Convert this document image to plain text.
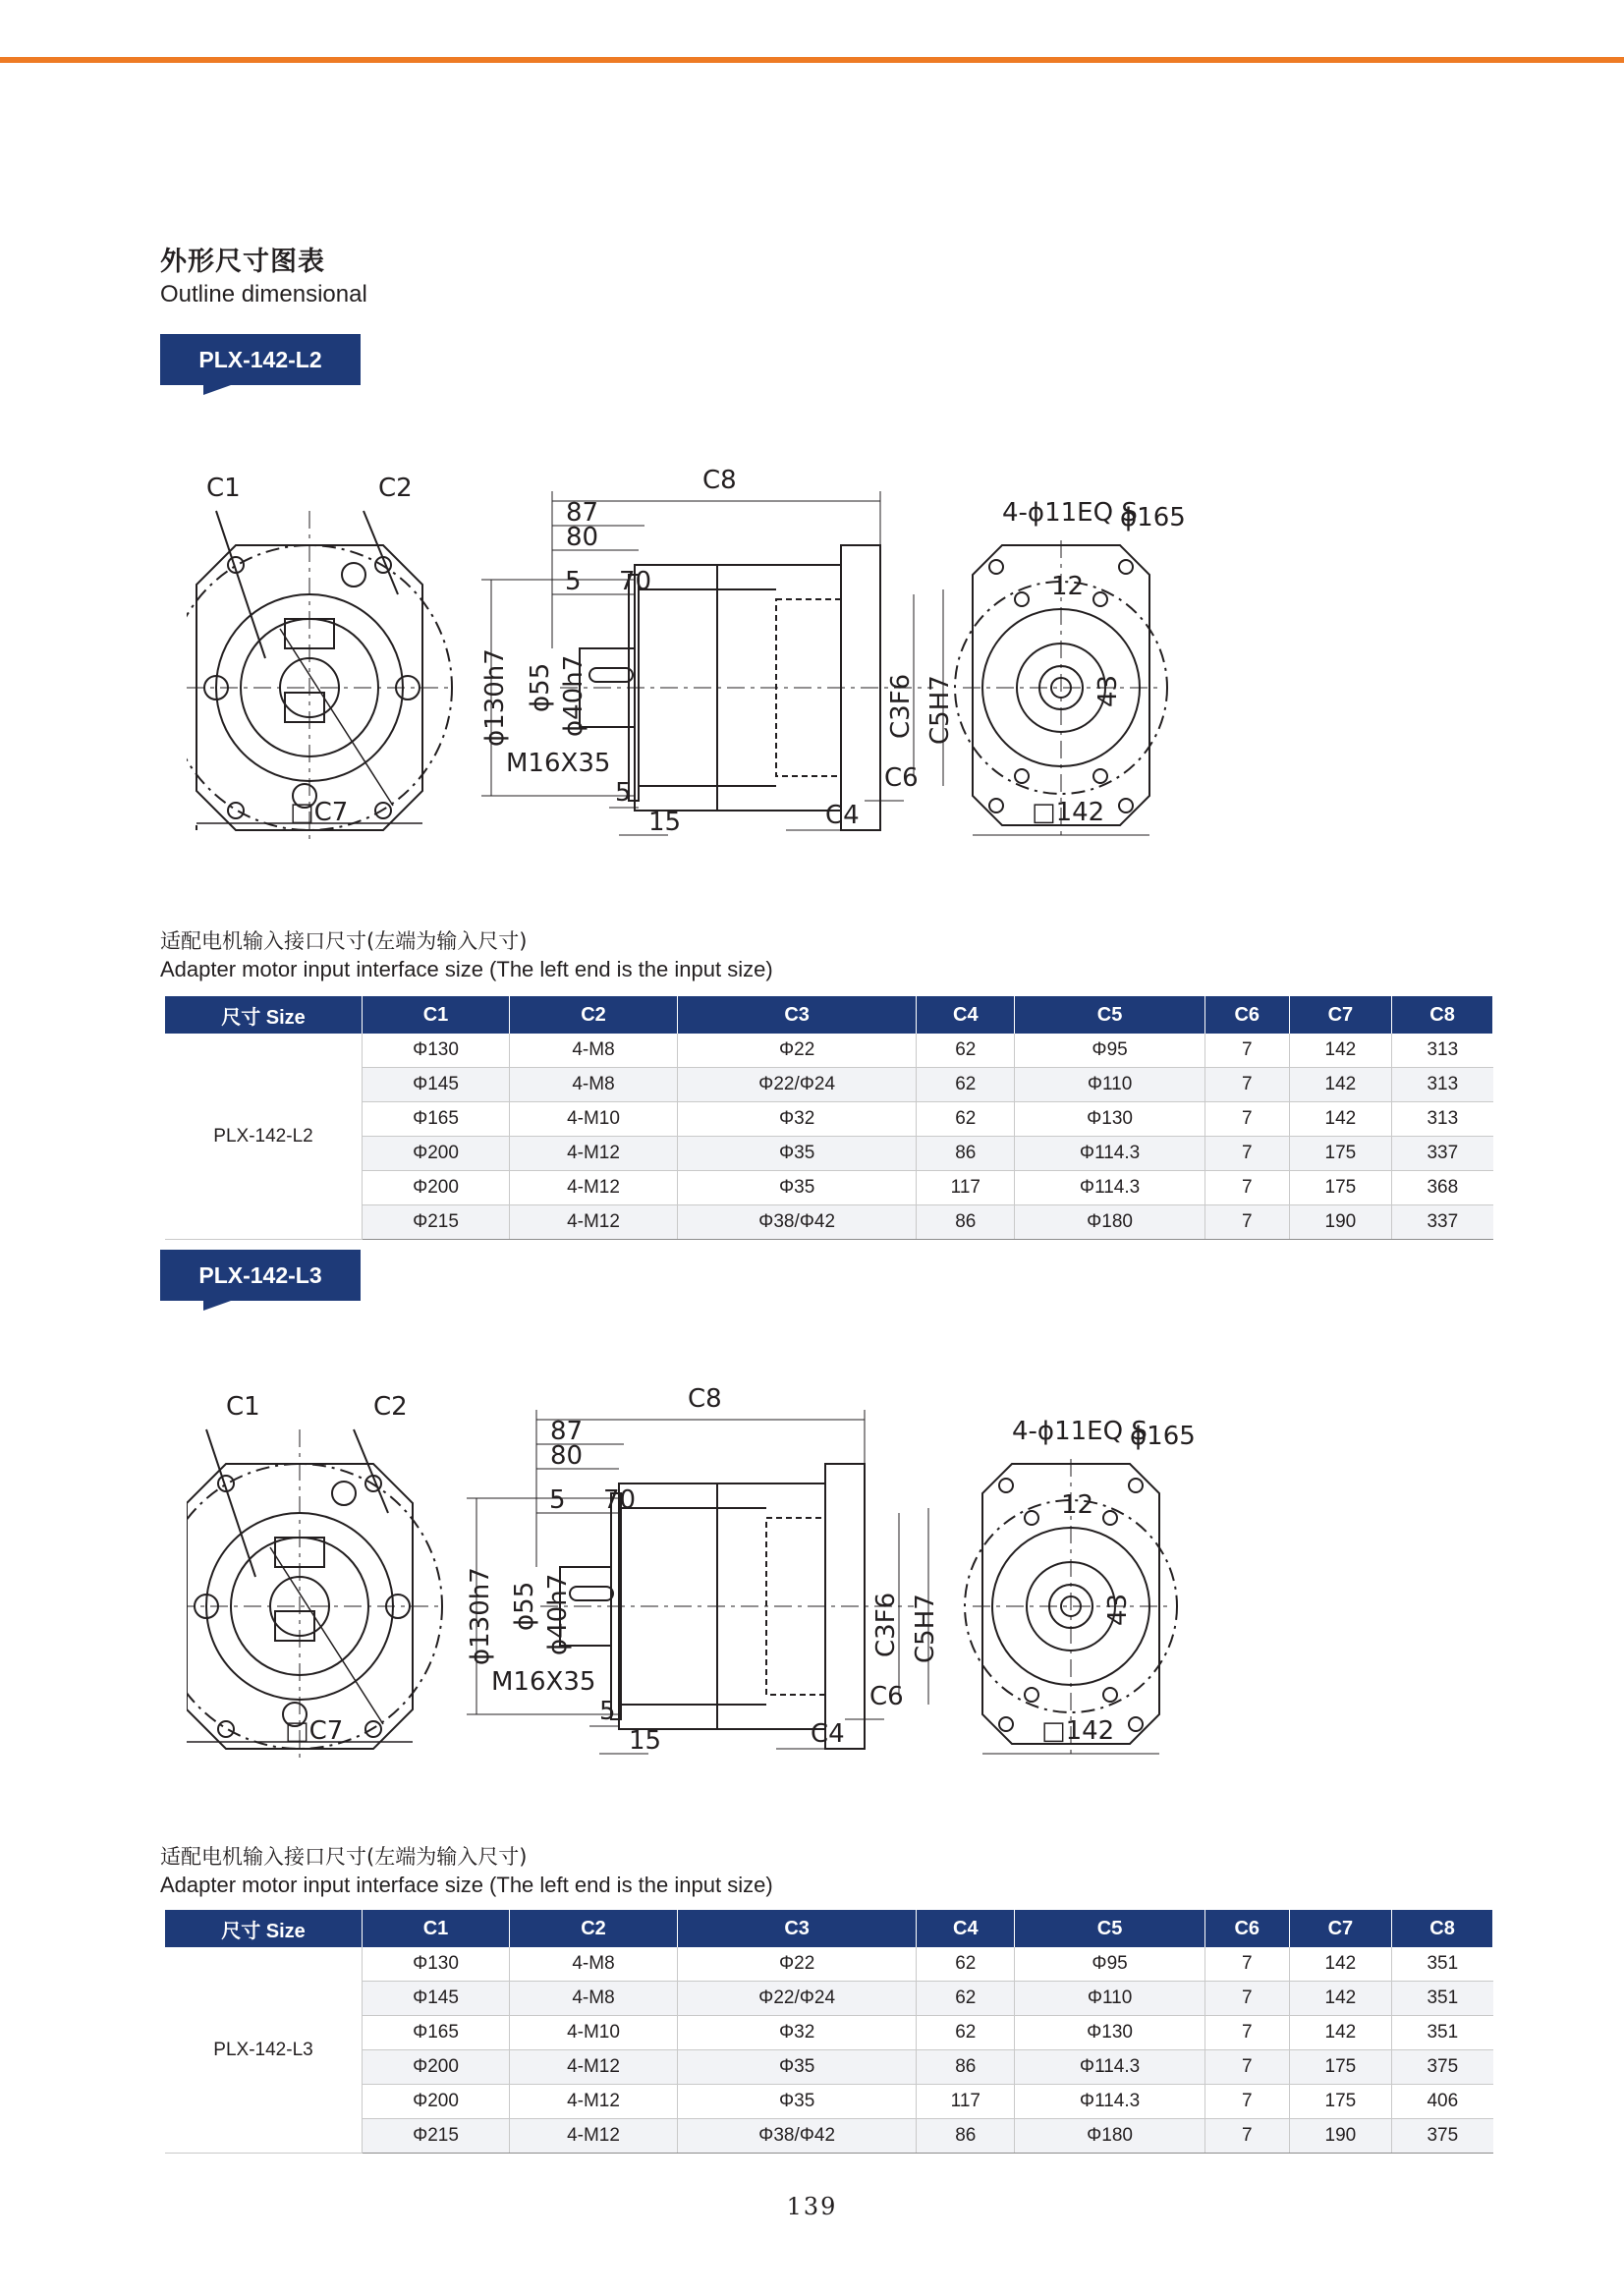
外形尺寸图表
Outline dimensional
PLX-142-L2
C1	C2
□C7
C8
87
80
5 70
ϕ130h7 ϕ55 ϕ40h7
M16X35
5
15
C3F6 C5H7
C4
C6
4-ϕ11EQ S
ϕ165
12
43
□142
适配电机输入接口尺寸(左端为输入尺寸)
Adapter motor input interface size (The left end is the input size)
尺寸 Size	C1	C2	C3	C4	C5	C6	C7	C8
PLX-142-L2	Φ130	4-M8	Φ22	62	Φ95	7	142	313
	Φ145	4-M8	Φ22/Φ24	62	Φ110	7	142	313
	Φ165	4-M10	Φ32	62	Φ130	7	142	313
	Φ200	4-M12	Φ35	86	Φ114.3	7	175	337
	Φ200	4-M12	Φ35	117	Φ114.3	7	175	368
	Φ215	4-M12	Φ38/Φ42	86	Φ180	7	190	337
PLX-142-L3
C1	C2
□C7
C8
87
80
5 70
ϕ130h7 ϕ55 ϕ40h7
M16X35
5
15
C3F6 C5H7
C4
C6
4-ϕ11EQ S
ϕ165
12
43
□142
适配电机输入接口尺寸(左端为输入尺寸)
Adapter motor input interface size (The left end is the input size)
尺寸 Size	C1	C2	C3	C4	C5	C6	C7	C8
PLX-142-L3	Φ130	4-M8	Φ22	62	Φ95	7	142	351
	Φ145	4-M8	Φ22/Φ24	62	Φ110	7	142	351
	Φ165	4-M10	Φ32	62	Φ130	7	142	351
	Φ200	4-M12	Φ35	86	Φ114.3	7	175	375
	Φ200	4-M12	Φ35	117	Φ114.3	7	175	406
	Φ215	4-M12	Φ38/Φ42	86	Φ180	7	190	375
139
